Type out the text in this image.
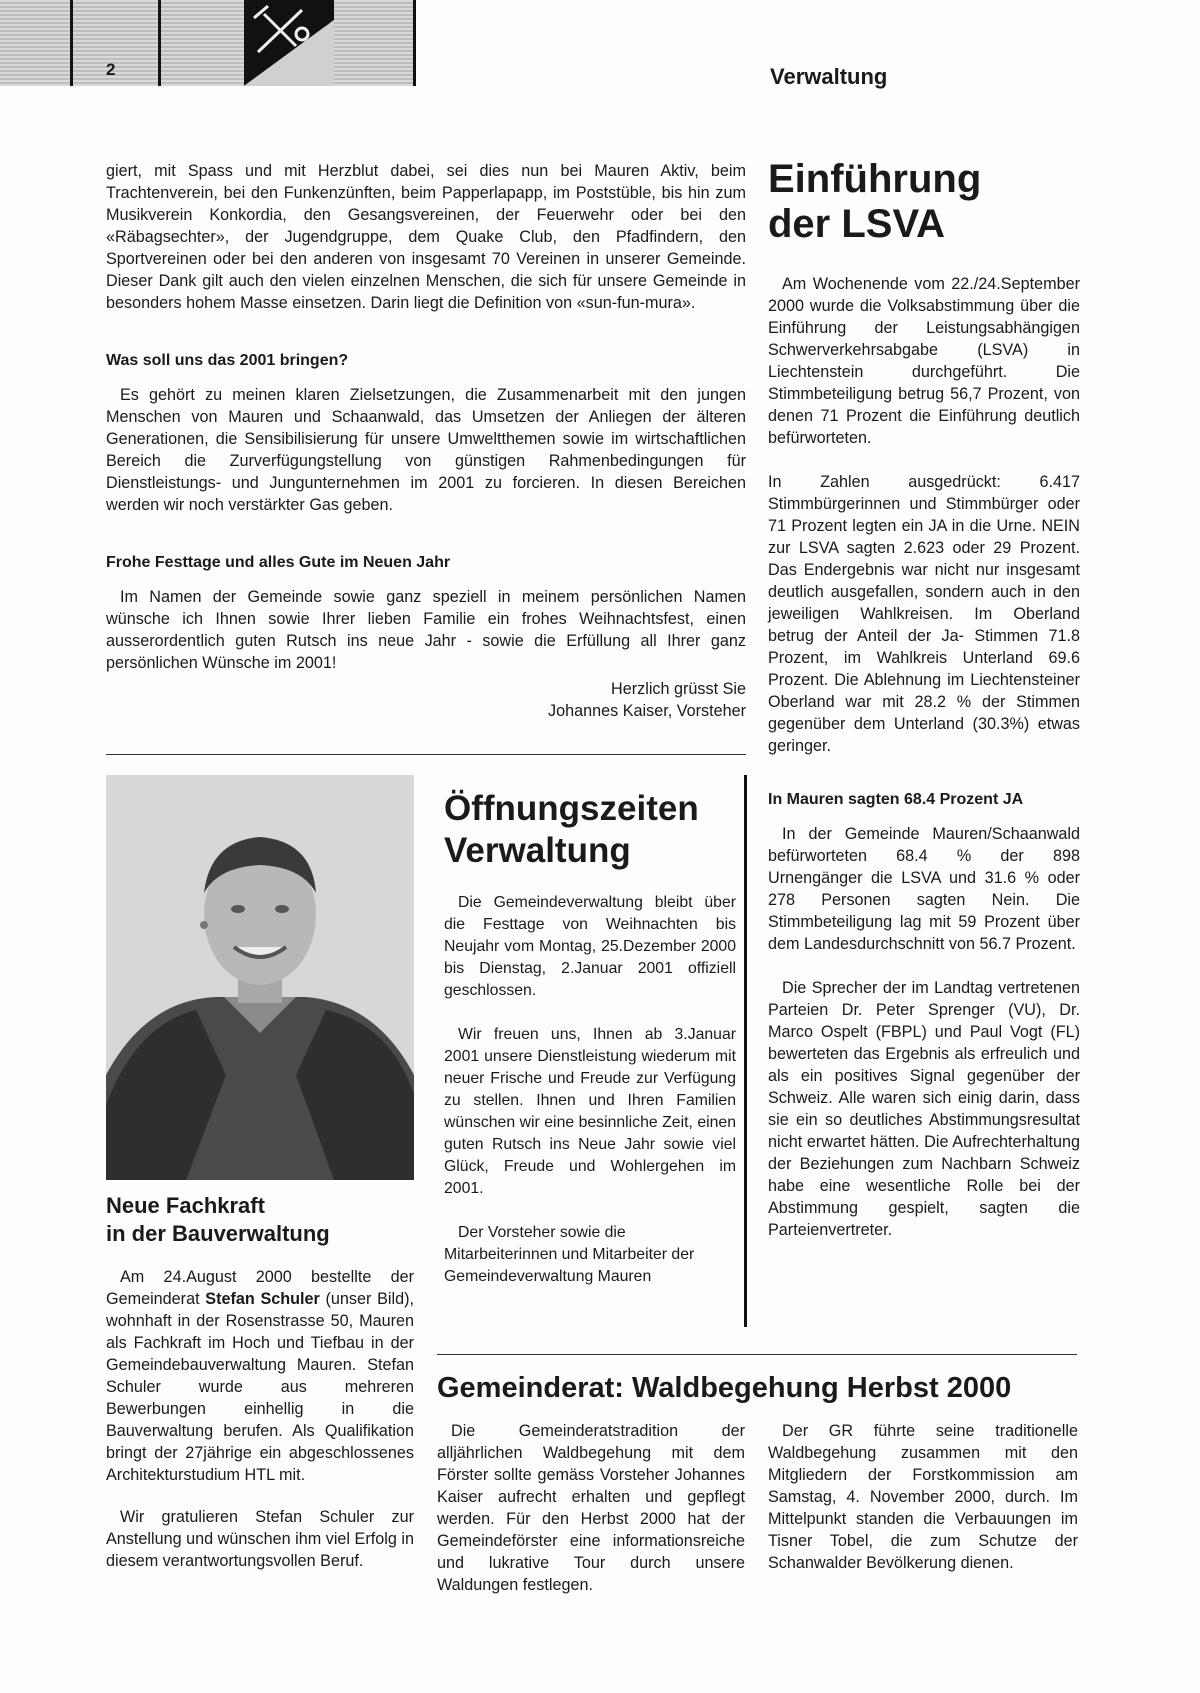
2	Verwaltung

giert, mit Spass und mit Herzblut dabei, sei dies nun bei Mauren Aktiv, beim Trachtenverein, bei den Funkenzünften, beim Papperlapapp, im Poststüble, bis hin zum Musikverein Konkordia, den Gesangsvereinen, der Feuerwehr oder bei den «Räbagsechter», der Jugendgruppe, dem Quake Club, den Pfadfindern, den Sportvereinen oder bei den anderen von insgesamt 70 Vereinen in unserer Gemeinde. Dieser Dank gilt auch den vielen einzelnen Menschen, die sich für unsere Gemeinde in besonders hohem Masse einsetzen. Darin liegt die Definition von «sun-fun-mura».

Was soll uns das 2001 bringen?

Es gehört zu meinen klaren Zielsetzungen, die Zusammenarbeit mit den jungen Menschen von Mauren und Schaanwald, das Umsetzen der Anliegen der älteren Generationen, die Sensibilisierung für unsere Umweltthemen sowie im wirtschaftlichen Bereich die Zurverfügungstellung von günstigen Rahmenbedingungen für Dienstleistungs- und Jungunternehmen im 2001 zu forcieren. In diesen Bereichen werden wir noch verstärkter Gas geben.

Frohe Festtage und alles Gute im Neuen Jahr

Im Namen der Gemeinde sowie ganz speziell in meinem persönlichen Namen wünsche ich Ihnen sowie Ihrer lieben Familie ein frohes Weihnachtsfest, einen ausserordentlich guten Rutsch ins neue Jahr - sowie die Erfüllung all Ihrer ganz persönlichen Wünsche im 2001!

Herzlich grüsst Sie

Johannes Kaiser, Vorsteher

Einführung
der LSVA

Am Wochenende vom 22./24.September 2000 wurde die Volksabstimmung über die Einführung der Leistungsabhängigen Schwerverkehrsabgabe (LSVA) in Liechtenstein durchgeführt. Die Stimmbeteiligung betrug 56,7 Prozent, von denen 71 Prozent die Einführung deutlich befürworteten.

In Zahlen ausgedrückt: 6.417 Stimmbürgerinnen und Stimmbürger oder 71 Prozent legten ein JA in die Urne. NEIN zur LSVA sagten 2.623 oder 29 Prozent. Das Endergebnis war nicht nur insgesamt deutlich ausgefallen, sondern auch in den jeweiligen Wahlkreisen. Im Oberland betrug der Anteil der Ja- Stimmen 71.8 Prozent, im Wahlkreis Unterland 69.6 Prozent. Die Ablehnung im Liechtensteiner Oberland war mit 28.2 % der Stimmen gegenüber dem Unterland (30.3%) etwas geringer.

In Mauren sagten 68.4 Prozent JA

In der Gemeinde Mauren/Schaanwald befürworteten 68.4 % der 898 Urnengänger die LSVA und 31.6 % oder 278 Personen sagten Nein. Die Stimmbeteiligung lag mit 59 Prozent über dem Landesdurchschnitt von 56.7 Prozent.

Die Sprecher der im Landtag vertretenen Parteien Dr. Peter Sprenger (VU), Dr. Marco Ospelt (FBPL) und Paul Vogt (FL) bewerteten das Ergebnis als erfreulich und als ein positives Signal gegenüber der Schweiz. Alle waren sich einig darin, dass sie ein so deutliches Abstimmungsresultat nicht erwartet hätten. Die Aufrechterhaltung der Beziehungen zum Nachbarn Schweiz habe eine wesentliche Rolle bei der Abstimmung gespielt, sagten die Parteienvertreter.

Neue Fachkraft
in der Bauverwaltung

Am 24.August 2000 bestellte der Gemeinderat Stefan Schuler (unser Bild), wohnhaft in der Rosenstrasse 50, Mauren als Fachkraft im Hoch und Tiefbau in der Gemeindebauverwaltung Mauren. Stefan Schuler wurde aus mehreren Bewerbungen einhellig in die Bauverwaltung berufen. Als Qualifikation bringt der 27jährige ein abgeschlossenes Architekturstudium HTL mit.

Wir gratulieren Stefan Schuler zur Anstellung und wünschen ihm viel Erfolg in diesem verantwortungsvollen Beruf.

Öffnungszeiten
Verwaltung

Die Gemeindeverwaltung bleibt über die Festtage von Weihnachten bis Neujahr vom Montag, 25.Dezember 2000 bis Dienstag, 2.Januar 2001 offiziell geschlossen.

Wir freuen uns, Ihnen ab 3.Januar 2001 unsere Dienstleistung wiederum mit neuer Frische und Freude zur Verfügung zu stellen. Ihnen und Ihren Familien wünschen wir eine besinnliche Zeit, einen guten Rutsch ins Neue Jahr sowie viel Glück, Freude und Wohlergehen im 2001.

Der Vorsteher sowie die Mitarbeiterinnen und Mitarbeiter der Gemeindeverwaltung Mauren

Gemeinderat: Waldbegehung Herbst 2000

Die Gemeinderatstradition der alljährlichen Waldbegehung mit dem Förster sollte gemäss Vorsteher Johannes Kaiser aufrecht erhalten und gepflegt werden. Für den Herbst 2000 hat der Gemeindeförster eine informationsreiche und lukrative Tour durch unsere Waldungen festlegen.

Der GR führte seine traditionelle Waldbegehung zusammen mit den Mitgliedern der Forstkommission am Samstag, 4. November 2000, durch. Im Mittelpunkt standen die Verbauungen im Tisner Tobel, die zum Schutze der Schanwalder Bevölkerung dienen.
